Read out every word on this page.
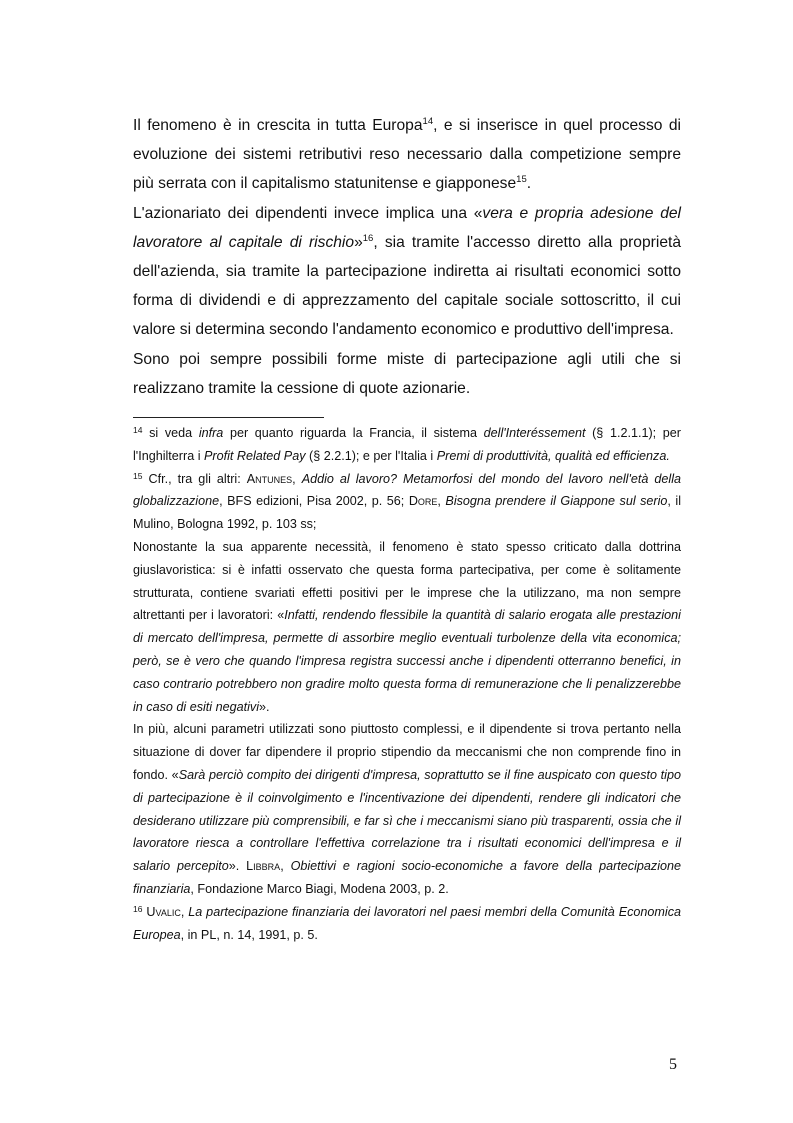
Il fenomeno è in crescita in tutta Europa$^{14}$, e si inserisce in quel processo di evoluzione dei sistemi retributivi reso necessario dalla competizione sempre più serrata con il capitalismo statunitense e giapponese$^{15}$.

L'azionariato dei dipendenti invece implica una «vera e propria adesione del lavoratore al capitale di rischio»$^{16}$, sia tramite l'accesso diretto alla proprietà dell'azienda, sia tramite la partecipazione indiretta ai risultati economici sotto forma di dividendi e di apprezzamento del capitale sociale sottoscritto, il cui valore si determina secondo l'andamento economico e produttivo dell'impresa.

Sono poi sempre possibili forme miste di partecipazione agli utili che si realizzano tramite la cessione di quote azionarie.

$^{14}$ si veda infra per quanto riguarda la Francia, il sistema dell'Interéssement (§ 1.2.1.1); per l'Inghilterra i Profit Related Pay (§ 2.2.1); e per l'Italia i Premi di produttività, qualità ed efficienza.

$^{15}$ Cfr., tra gli altri: Antunes, Addio al lavoro? Metamorfosi del mondo del lavoro nell'età della globalizzazione, BFS edizioni, Pisa 2002, p. 56; Dore, Bisogna prendere il Giappone sul serio, il Mulino, Bologna 1992, p. 103 ss;

Nonostante la sua apparente necessità, il fenomeno è stato spesso criticato dalla dottrina giuslavoristica: si è infatti osservato che questa forma partecipativa, per come è solitamente strutturata, contiene svariati effetti positivi per le imprese che la utilizzano, ma non sempre altrettanti per i lavoratori: «Infatti, rendendo flessibile la quantità di salario erogata alle prestazioni di mercato dell'impresa, permette di assorbire meglio eventuali turbolenze della vita economica; però, se è vero che quando l'impresa registra successi anche i dipendenti otterranno benefici, in caso contrario potrebbero non gradire molto questa forma di remunerazione che li penalizzerebbe in caso di esiti negativi».

In più, alcuni parametri utilizzati sono piuttosto complessi, e il dipendente si trova pertanto nella situazione di dover far dipendere il proprio stipendio da meccanismi che non comprende fino in fondo. «Sarà perciò compito dei dirigenti d'impresa, soprattutto se il fine auspicato con questo tipo di partecipazione è il coinvolgimento e l'incentivazione dei dipendenti, rendere gli indicatori che desiderano utilizzare più comprensibili, e far sì che i meccanismi siano più trasparenti, ossia che il lavoratore riesca a controllare l'effettiva correlazione tra i risultati economici dell'impresa e il salario percepito». Libbra, Obiettivi e ragioni socio-economiche a favore della partecipazione finanziaria, Fondazione Marco Biagi, Modena 2003, p. 2.

$^{16}$ Uvalic, La partecipazione finanziaria dei lavoratori nel paesi membri della Comunità Economica Europea, in PL, n. 14, 1991, p. 5.

5
